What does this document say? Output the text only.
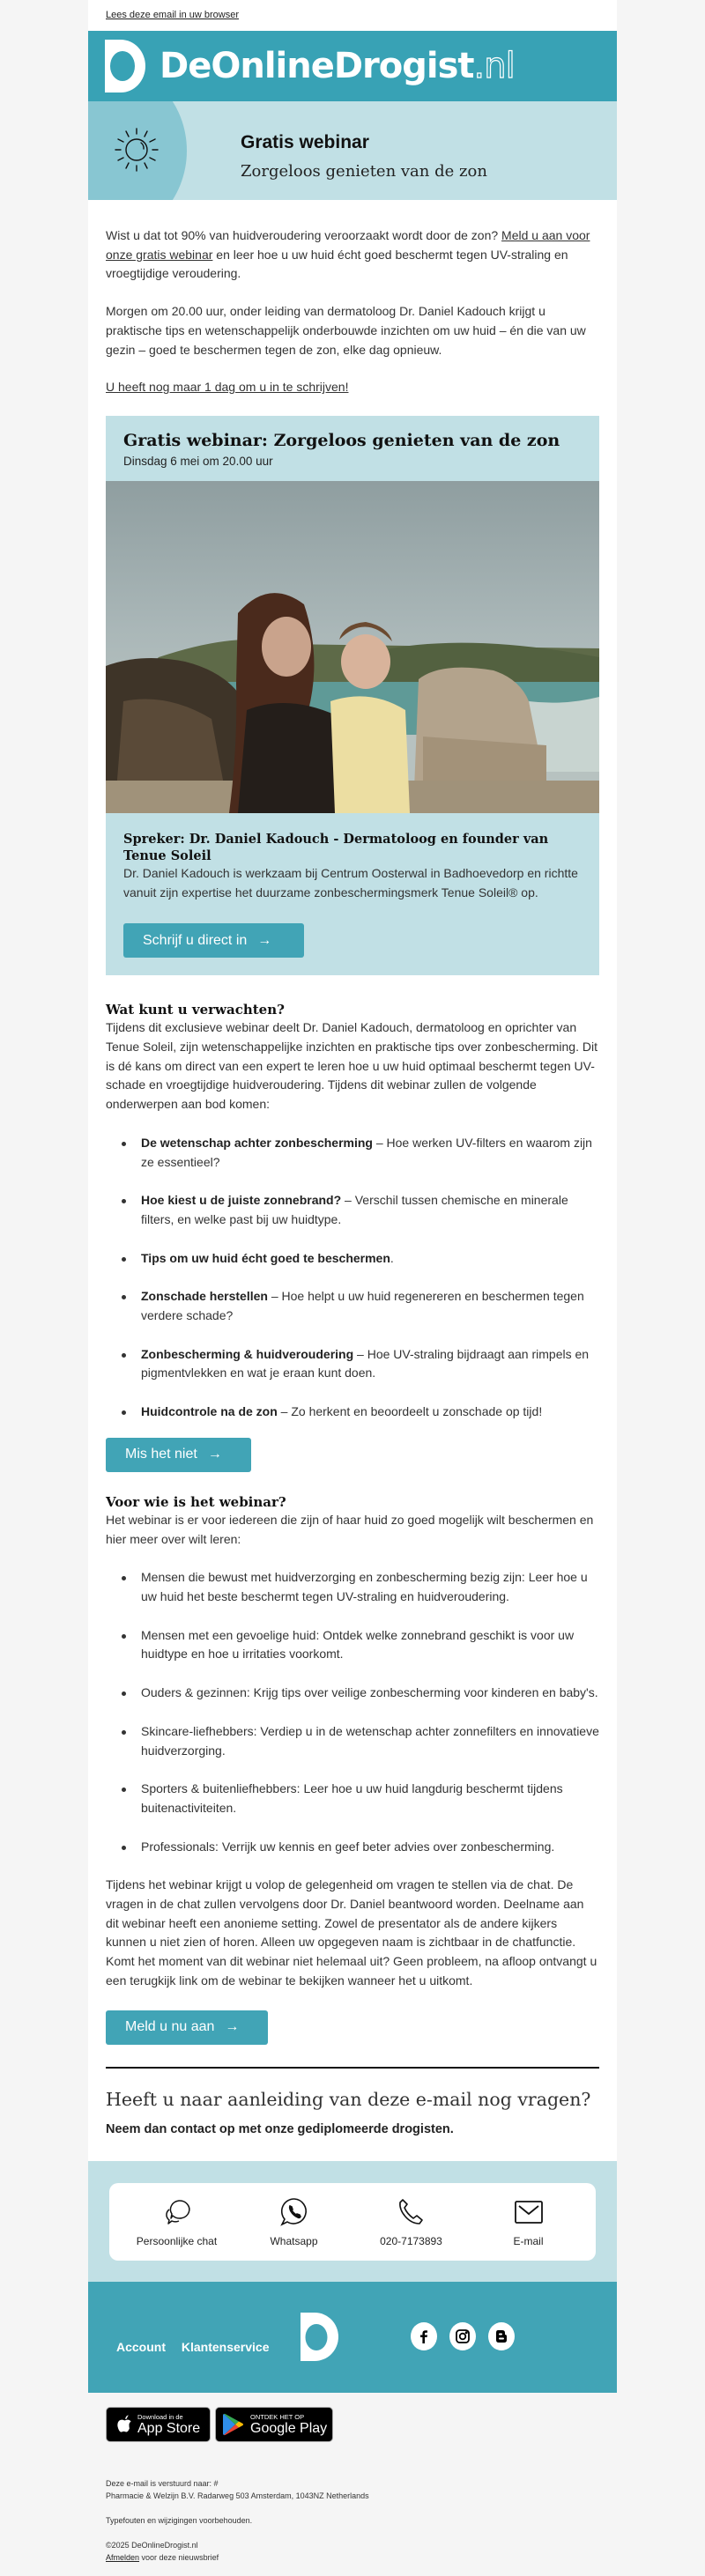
Lees deze email in uw browser
DeOnlineDrogist.nl
Gratis webinar
Zorgeloos genieten van de zon

Wist u dat tot 90% van huidveroudering veroorzaakt wordt door de zon? Meld u aan voor onze gratis webinar en leer hoe u uw huid écht goed beschermt tegen UV-straling en vroegtijdige veroudering.

Morgen om 20.00 uur, onder leiding van dermatoloog Dr. Daniel Kadouch krijgt u praktische tips en wetenschappelijk onderbouwde inzichten om uw huid – én die van uw gezin – goed te beschermen tegen de zon, elke dag opnieuw.

U heeft nog maar 1 dag om u in te schrijven!

Gratis webinar: Zorgeloos genieten van de zon
Dinsdag 6 mei om 20.00 uur
Spreker: Dr. Daniel Kadouch - Dermatoloog en founder van Tenue Soleil
Dr. Daniel Kadouch is werkzaam bij Centrum Oosterwal in Badhoevedorp en richtte vanuit zijn expertise het duurzame zonbeschermingsmerk Tenue Soleil® op.
Schrijf u direct in →
Wat kunt u verwachten?
Tijdens dit exclusieve webinar deelt Dr. Daniel Kadouch, dermatoloog en oprichter van Tenue Soleil, zijn wetenschappelijke inzichten en praktische tips over zonbescherming. Dit is dé kans om direct van een expert te leren hoe u uw huid optimaal beschermt tegen UV-schade en vroegtijdige huidveroudering. Tijdens dit webinar zullen de volgende onderwerpen aan bod komen:
De wetenschap achter zonbescherming – Hoe werken UV-filters en waarom zijn ze essentieel?
Hoe kiest u de juiste zonnebrand? – Verschil tussen chemische en minerale filters, en welke past bij uw huidtype.
Tips om uw huid écht goed te beschermen.
Zonschade herstellen – Hoe helpt u uw huid regenereren en beschermen tegen verdere schade?
Zonbescherming & huidveroudering – Hoe UV-straling bijdraagt aan rimpels en pigmentvlekken en wat je eraan kunt doen.
Huidcontrole na de zon – Zo herkent en beoordeelt u zonschade op tijd!
Mis het niet →
Voor wie is het webinar?
Het webinar is er voor iedereen die zijn of haar huid zo goed mogelijk wilt beschermen en hier meer over wilt leren:
Mensen die bewust met huidverzorging en zonbescherming bezig zijn: Leer hoe u uw huid het beste beschermt tegen UV-straling en huidveroudering.
Mensen met een gevoelige huid: Ontdek welke zonnebrand geschikt is voor uw huidtype en hoe u irritaties voorkomt.
Ouders & gezinnen: Krijg tips over veilige zonbescherming voor kinderen en baby's.
Skincare-liefhebbers: Verdiep u in de wetenschap achter zonnefilters en innovatieve huidverzorging.
Sporters & buitenliefhebbers: Leer hoe u uw huid langdurig beschermt tijdens buitenactiviteiten.
Professionals: Verrijk uw kennis en geef beter advies over zonbescherming.
Tijdens het webinar krijgt u volop de gelegenheid om vragen te stellen via de chat. De vragen in de chat zullen vervolgens door Dr. Daniel beantwoord worden. Deelname aan dit webinar heeft een anonieme setting. Zowel de presentator als de andere kijkers kunnen u niet zien of horen. Alleen uw opgegeven naam is zichtbaar in de chatfunctie. Komt het moment van dit webinar niet helemaal uit? Geen probleem, na afloop ontvangt u een terugkijk link om de webinar te bekijken wanneer het u uitkomt.
Meld u nu aan →
Heeft u naar aanleiding van deze e-mail nog vragen?
Neem dan contact op met onze gediplomeerde drogisten.
Persoonlijke chat	Whatsapp	020-7173893	E-mail
Account Klantenservice
Download in de
App Store
ONTDEK HET OP
Google Play

Deze e-mail is verstuurd naar: #
Pharmacie & Welzijn B.V. Radarweg 503 Amsterdam, 1043NZ Netherlands

Typefouten en wijzigingen voorbehouden.

©2025 DeOnlineDrogist.nl
Afmelden voor deze nieuwsbrief
